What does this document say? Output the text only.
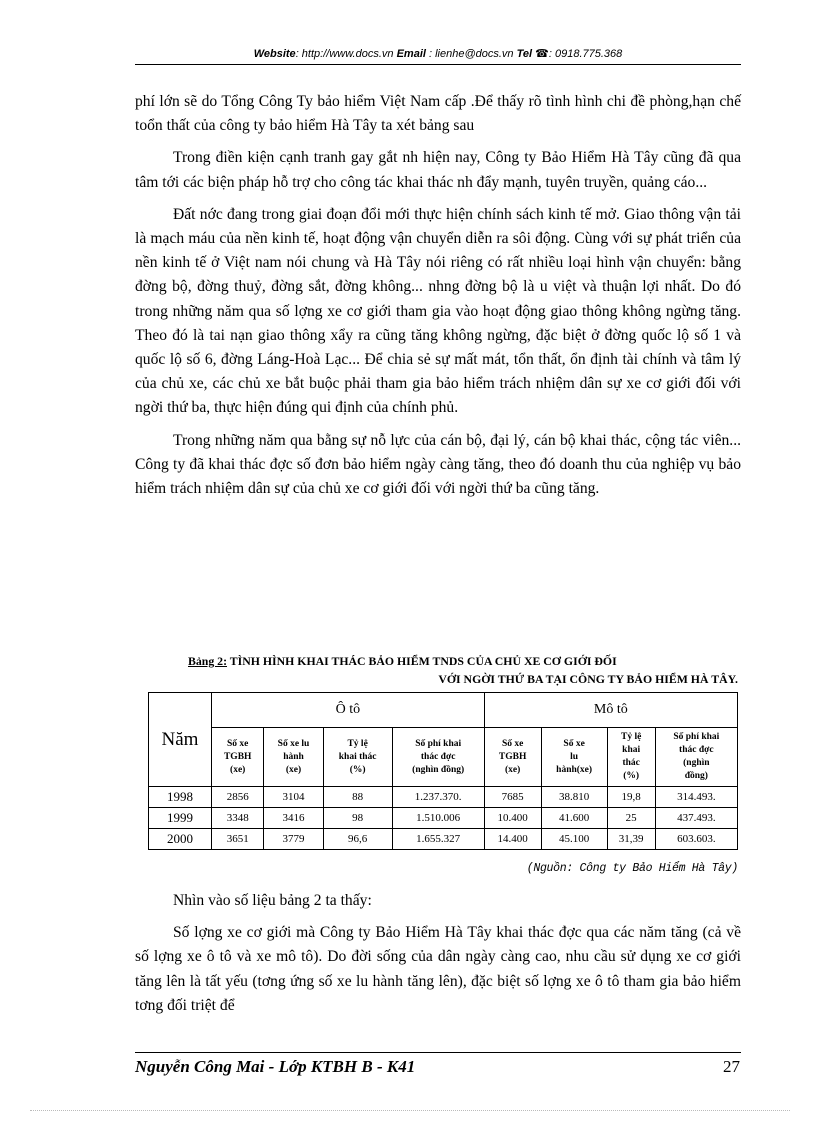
Website: http://www.docs.vn Email : lienhe@docs.vn Tel ☎: 0918.775.368

phí lớn sẽ do Tổng Công Ty bảo hiểm Việt Nam cấp .Để thấy rõ tình hình chi đề phòng,hạn chế toổn thất của công ty bảo hiểm Hà Tây ta xét bảng sau

Trong điền kiện cạnh tranh gay gắt nh hiện nay, Công ty Bảo Hiểm Hà Tây cũng đã qua tâm tới các biện pháp hỗ trợ cho công tác khai thác nh đẩy mạnh, tuyên truyền, quảng cáo...

Đất nớc đang trong giai đoạn đổi mới thực hiện chính sách kinh tế mở. Giao thông vận tải là mạch máu của nền kinh tế, hoạt động vận chuyển diễn ra sôi động. Cùng với sự phát triển của nền kinh tế ở Việt nam nói chung và Hà Tây nói riêng có rất nhiều loại hình vận chuyển: bằng đờng bộ, đờng thuỷ, đờng sắt, đờng không... nhng đờng bộ là u việt và thuận lợi nhất. Do đó trong những năm qua số lợng xe cơ giới tham gia vào hoạt động giao thông không ngừng tăng. Theo đó là tai nạn giao thông xẩy ra cũng tăng không ngừng, đặc biệt ở đờng quốc lộ số 1 và quốc lộ số 6, đờng Láng-Hoà Lạc... Để chia sẻ sự mất mát, tổn thất, ổn định tài chính và tâm lý của chủ xe, các chủ xe bắt buộc phải tham gia bảo hiểm trách nhiệm dân sự xe cơ giới đối với ngời thứ ba, thực hiện đúng qui định của chính phủ.

Trong những năm qua bằng sự nỗ lực của cán bộ, đại lý, cán bộ khai thác, cộng tác viên... Công ty đã khai thác đợc số đơn bảo hiểm ngày càng tăng, theo đó doanh thu của nghiệp vụ bảo hiểm trách nhiệm dân sự của chủ xe cơ giới đối với ngời thứ ba cũng tăng.

Bảng 2: TÌNH HÌNH KHAI THÁC BẢO HIỂM TNDS CỦA CHỦ XE CƠ GIỚI ĐỐI
VỚI NGỜI THỨ BA TẠI CÔNG TY BẢO HIỂM HÀ TÂY.
Năm	Ô tô				Mô tô			
	Số xe
TGBH
(xe)	Số xe lu
hành
(xe)	Tỷ lệ
khai thác
(%)	Số phí khai
thác đợc
(nghìn đồng)	Số xe
TGBH
(xe)	Số xe
lu
hành(xe)	Tỷ lệ
khai
thác
(%)	Số phí khai
thác đợc
(nghìn
đồng)
1998	2856	3104	88	1.237.370.	7685	38.810	19,8	314.493.
1999	3348	3416	98	1.510.006	10.400	41.600	25	437.493.
2000	3651	3779	96,6	1.655.327	14.400	45.100	31,39	603.603.
(Nguồn: Công ty Bảo Hiểm Hà Tây)

Nhìn vào số liệu bảng 2 ta thấy:

Số lợng xe cơ giới mà Công ty Bảo Hiểm Hà Tây khai thác đợc qua các năm tăng (cả về số lợng xe ô tô và xe mô tô). Do đời sống của dân ngày càng cao, nhu cầu sử dụng xe cơ giới tăng lên là tất yếu (tơng ứng số xe lu hành tăng lên), đặc biệt số lợng xe ô tô tham gia bảo hiểm tơng đối triệt để

Nguyễn Công Mai - Lớp KTBH B - K41	27
